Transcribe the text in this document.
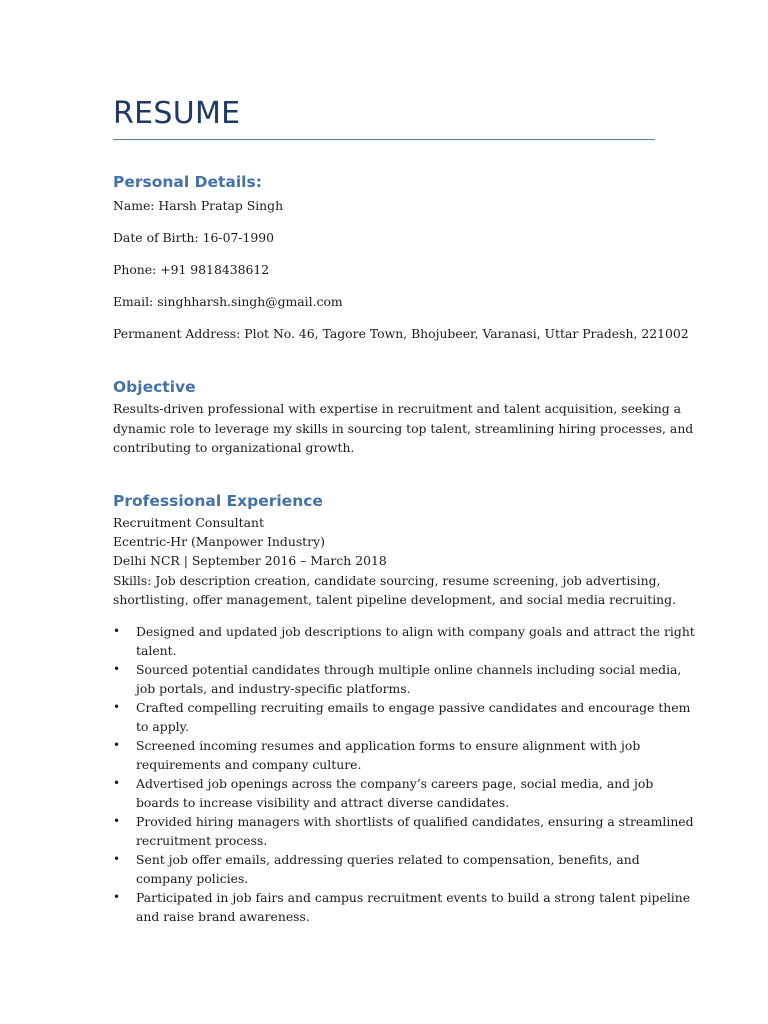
RESUME
Personal Details:
Name: Harsh Pratap Singh
Date of Birth: 16-07-1990
Phone: +91 9818438612
Email: singhharsh.singh@gmail.com
Permanent Address: Plot No. 46, Tagore Town, Bhojubeer, Varanasi, Uttar Pradesh, 221002
Objective
Results-driven professional with expertise in recruitment and talent acquisition, seeking a
dynamic role to leverage my skills in sourcing top talent, streamlining hiring processes, and
contributing to organizational growth.
Professional Experience
Recruitment Consultant
Ecentric-Hr (Manpower Industry)
Delhi NCR | September 2016 – March 2018
Skills: Job description creation, candidate sourcing, resume screening, job advertising,
shortlisting, offer management, talent pipeline development, and social media recruiting.
• Designed and updated job descriptions to align with company goals and attract the right
talent.
• Sourced potential candidates through multiple online channels including social media,
job portals, and industry-specific platforms.
• Crafted compelling recruiting emails to engage passive candidates and encourage them
to apply.
• Screened incoming resumes and application forms to ensure alignment with job
requirements and company culture.
• Advertised job openings across the company’s careers page, social media, and job
boards to increase visibility and attract diverse candidates.
• Provided hiring managers with shortlists of qualified candidates, ensuring a streamlined
recruitment process.
• Sent job offer emails, addressing queries related to compensation, benefits, and
company policies.
• Participated in job fairs and campus recruitment events to build a strong talent pipeline
and raise brand awareness.
